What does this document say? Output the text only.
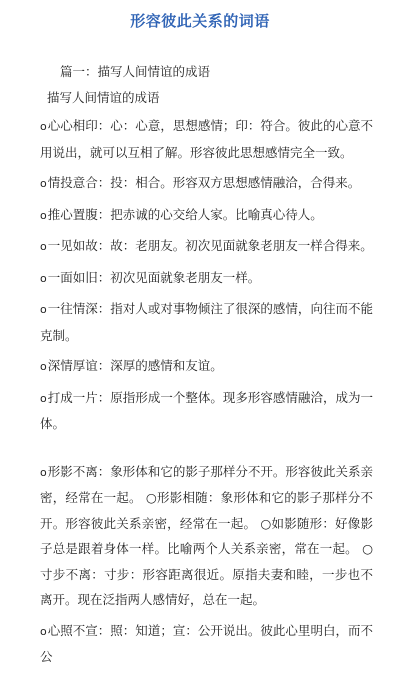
形容彼此关系的词语
篇一：描写人间情谊的成语
描写人间情谊的成语

o心心相印：心：心意，思想感情；印：符合。彼此的心意不用说出，就可以互相了解。形容彼此思想感情完全一致。

o情投意合：投：相合。形容双方思想感情融洽，合得来。

o推心置腹：把赤诚的心交给人家。比喻真心待人。

o一见如故：故：老朋友。初次见面就象老朋友一样合得来。

o一面如旧：初次见面就象老朋友一样。

o一往情深：指对人或对事物倾注了很深的感情，向往而不能克制。

o深情厚谊：深厚的感情和友谊。

o打成一片：原指形成一个整体。现多形容感情融洽，成为一体。

o形影不离：象形体和它的影子那样分不开。形容彼此关系亲密，经常在一起。 ○形影相随：象形体和它的影子那样分不开。形容彼此关系亲密，经常在一起。 ○如影随形：好像影子总是跟着身体一样。比喻两个人关系亲密，常在一起。 ○寸步不离：寸步：形容距离很近。原指夫妻和睦，一步也不离开。现在泛指两人感情好，总在一起。

o心照不宣：照：知道；宣：公开说出。彼此心里明白，而不公
